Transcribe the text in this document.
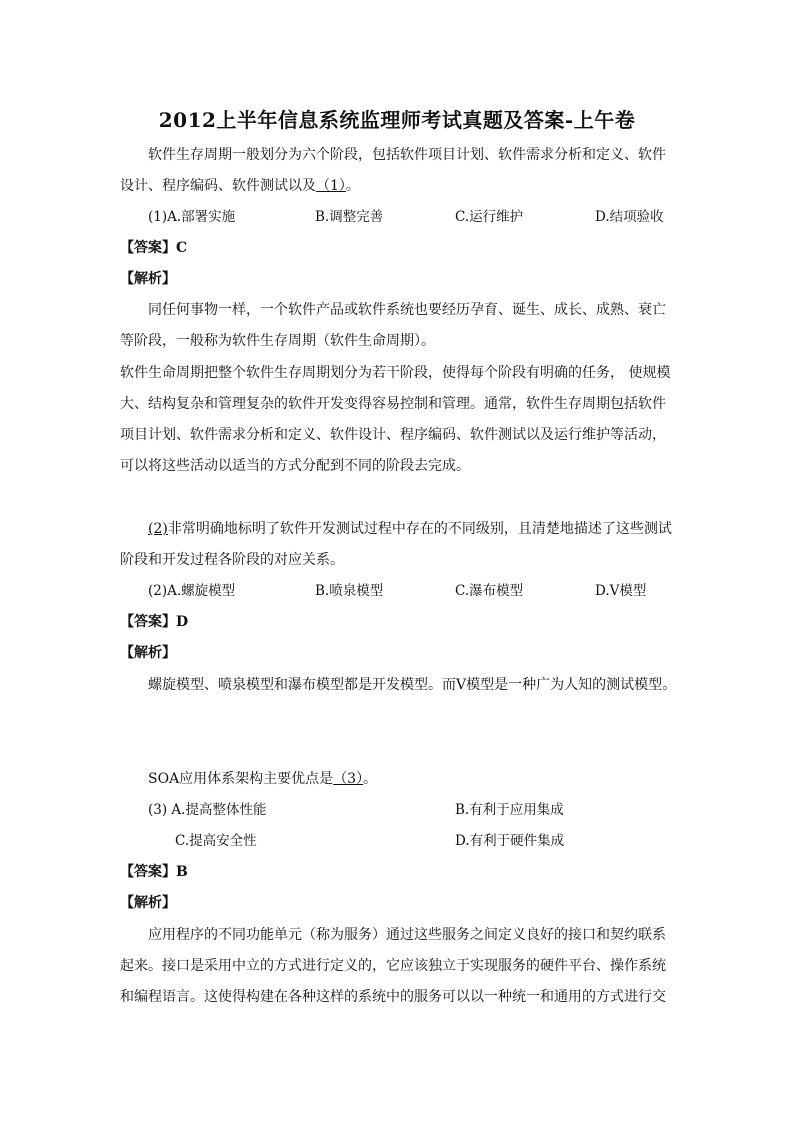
2012上半年信息系统监理师考试真题及答案-上午卷
软件生存周期一般划分为六个阶段，包括软件项目计划、软件需求分析和定义、软件
设计、程序编码、软件测试以及（1）。
(1)A.部署实施	B.调整完善	C.运行维护	D.结项验收
【答案】C
【解析】
同任何事物一样，一个软件产品或软件系统也要经历孕育、诞生、成长、成熟、衰亡
等阶段，一般称为软件生存周期（软件生命周期）。
软件生命周期把整个软件生存周期划分为若干阶段，使得每个阶段有明确的任务， 使规模
大、结构复杂和管理复杂的软件开发变得容易控制和管理。通常，软件生存周期包括软件
项目计划、软件需求分析和定义、软件设计、程序编码、软件测试以及运行维护等活动，
可以将这些活动以适当的方式分配到不同的阶段去完成。
(2)非常明确地标明了软件开发测试过程中存在的不同级别，且清楚地描述了这些测试
阶段和开发过程各阶段的对应关系。
(2)A.螺旋模型	B.喷泉模型	C.瀑布模型	D.V模型
【答案】D
【解析】
螺旋模型、喷泉模型和瀑布模型都是开发模型。而V模型是一种广为人知的测试模型。
SOA应用体系架构主要优点是（3）。
(3) A.提高整体性能	B.有利于应用集成
C.提高安全性	D.有利于硬件集成
【答案】B
【解析】
应用程序的不同功能单元（称为服务）通过这些服务之间定义良好的接口和契约联系
起来。接口是采用中立的方式进行定义的，它应该独立于实现服务的硬件平台、操作系统
和编程语言。这使得构建在各种这样的系统中的服务可以以一种统一和通用的方式进行交
